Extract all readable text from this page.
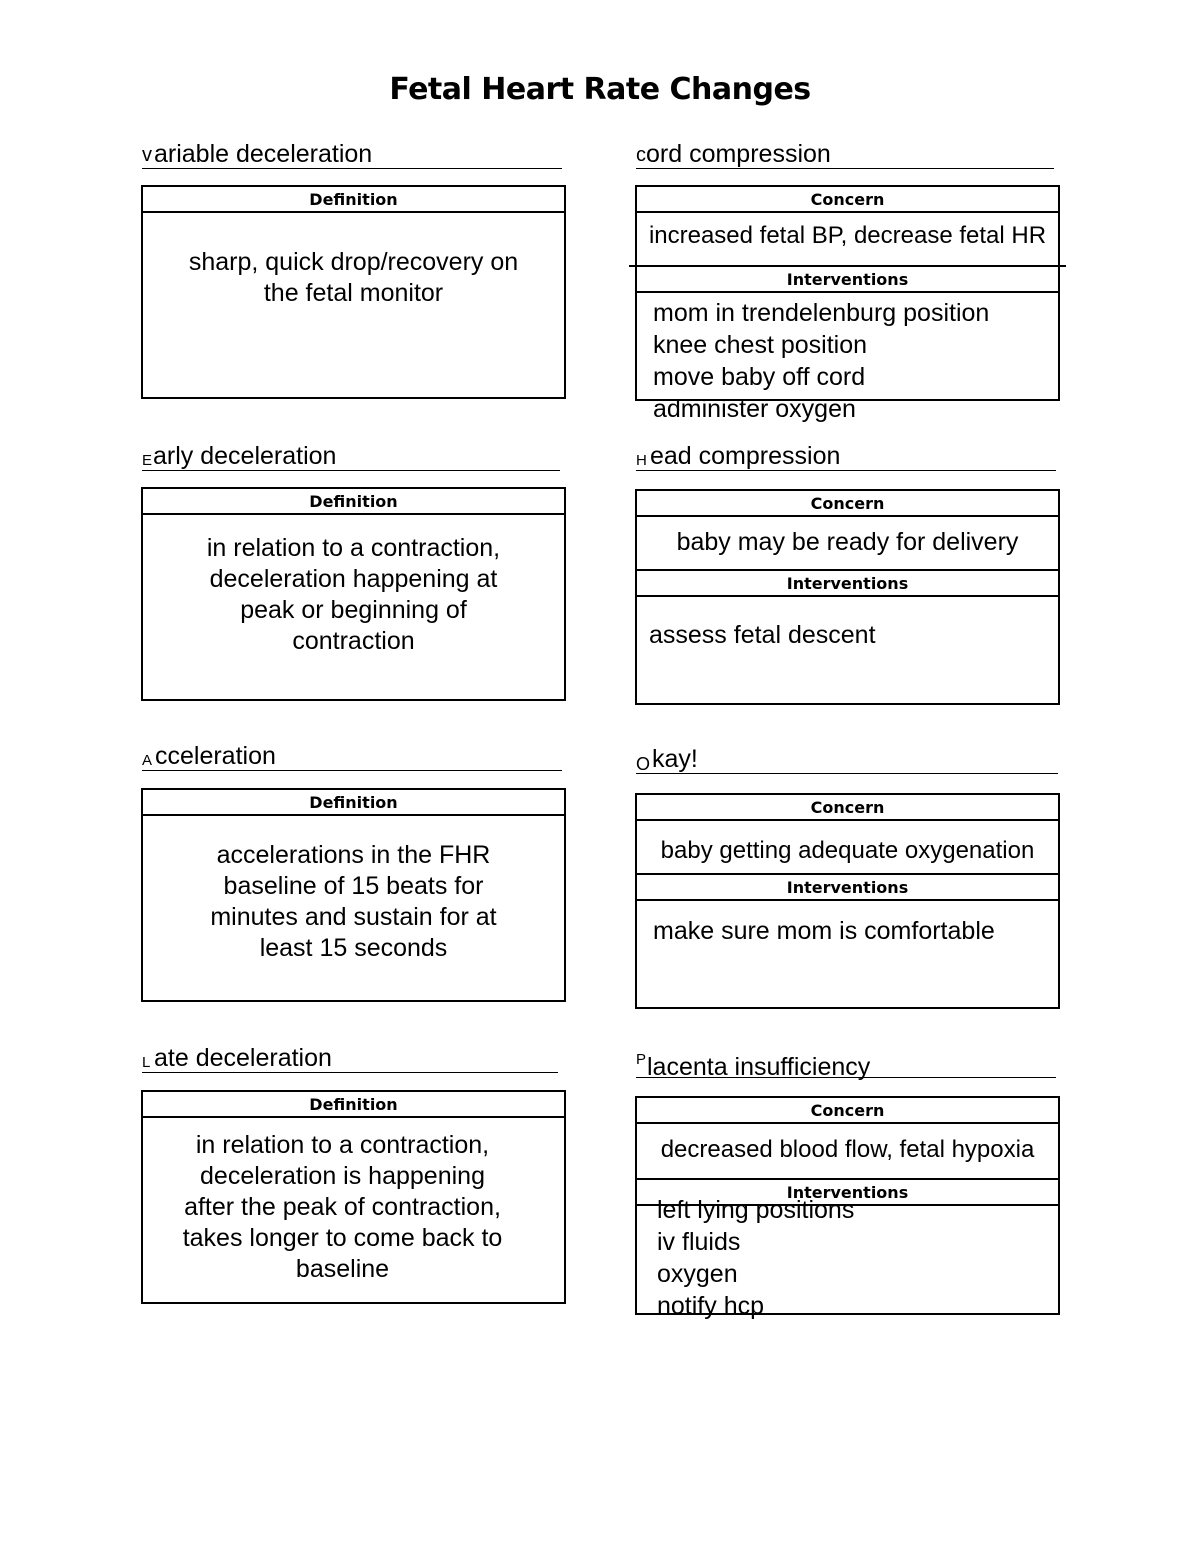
Fetal Heart Rate Changes
v ariable deceleration
Definition
sharp, quick drop/recovery on
the fetal monitor
E arly deceleration
Definition
in relation to a contraction,
deceleration happening at
peak or beginning of
contraction
A cceleration
Definition
accelerations in the FHR
baseline of 15 beats for
minutes and sustain for at
least 15 seconds
L ate deceleration
Definition
in relation to a contraction,
deceleration is happening
after the peak of contraction,
takes longer to come back to
baseline
c ord compression
Concern
increased fetal BP, decrease fetal HR
Interventions
mom in trendelenburg position
knee chest position
move baby off cord
administer oxygen
H ead compression
Concern
baby may be ready for delivery
Interventions
assess fetal descent
O kay!
Concern
baby getting adequate oxygenation
Interventions
make sure mom is comfortable
P lacenta insufficiency
Concern
decreased blood flow, fetal hypoxia
Interventions
left lying positions
iv fluids
oxygen
notify hcp
